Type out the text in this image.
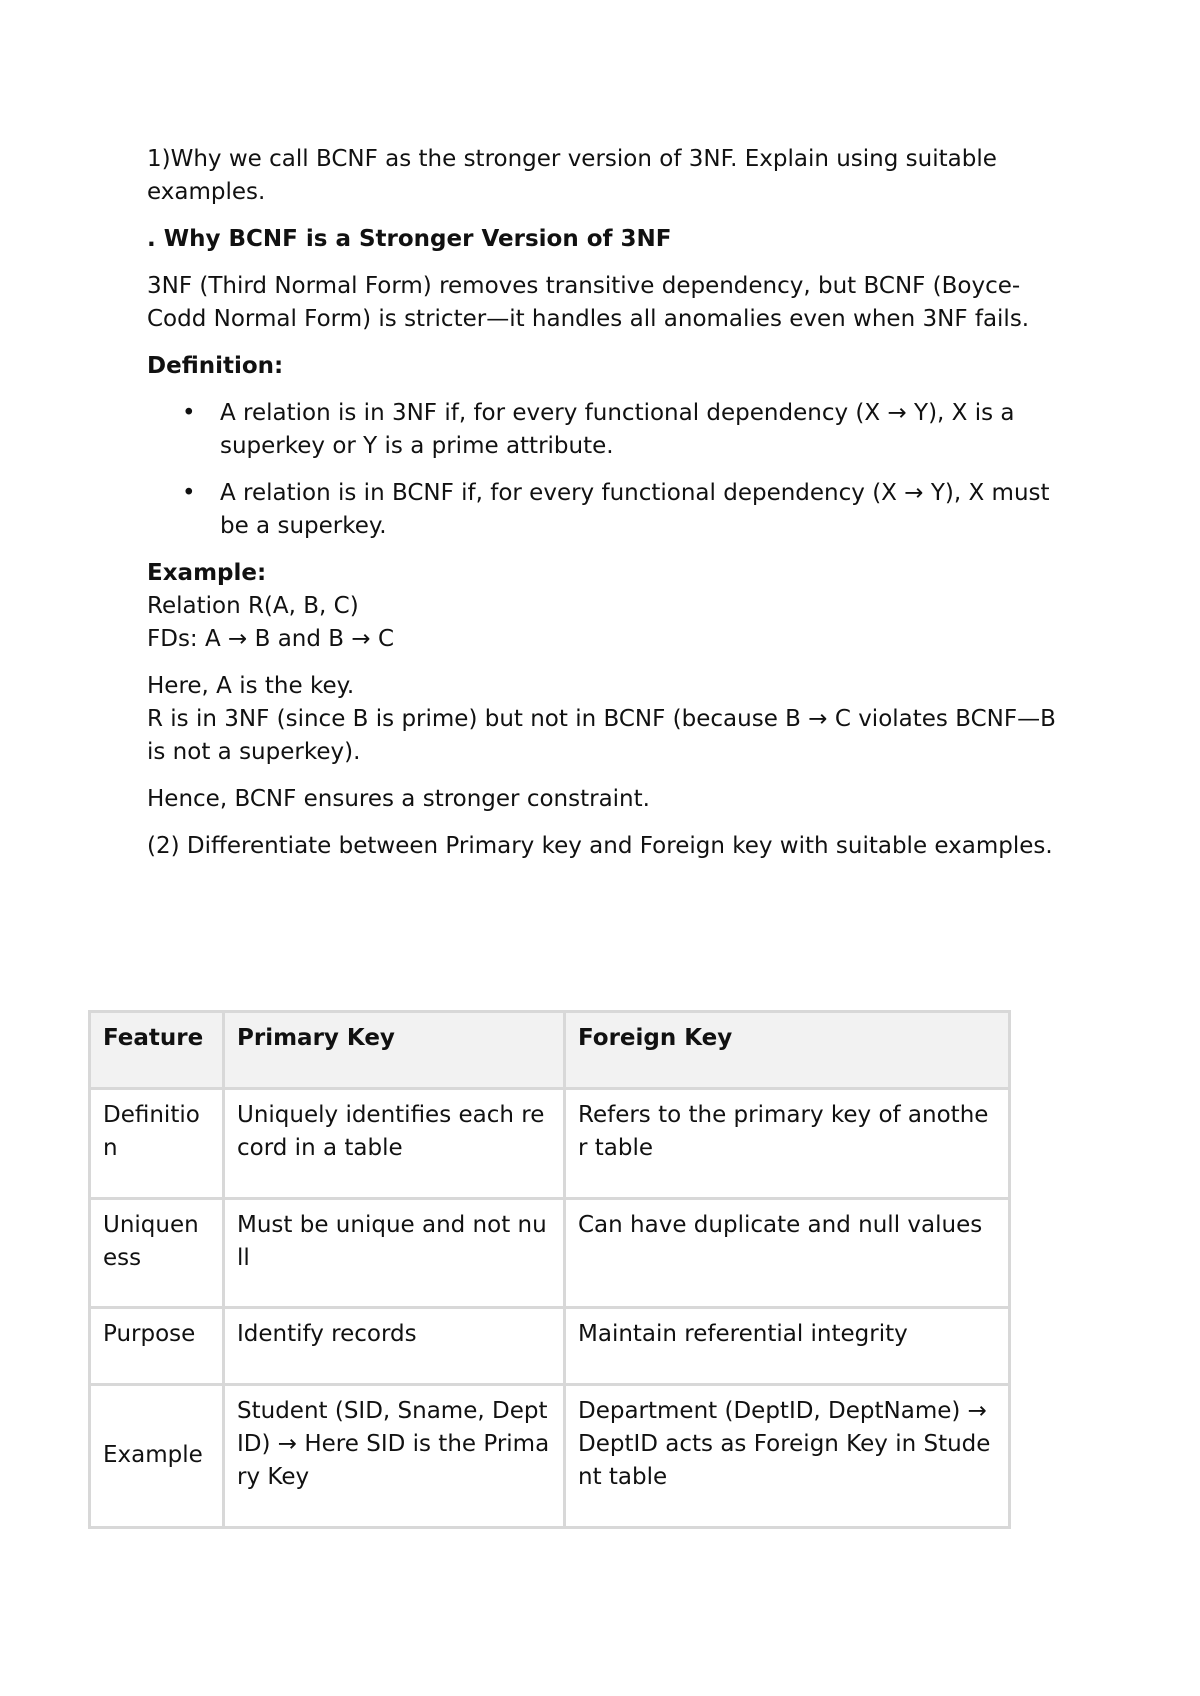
1)Why we call BCNF as the stronger version of 3NF. Explain using suitable examples.

. Why BCNF is a Stronger Version of 3NF

3NF (Third Normal Form) removes transitive dependency, but BCNF (Boyce-Codd Normal Form) is stricter—it handles all anomalies even when 3NF fails.

Definition:

• A relation is in 3NF if, for every functional dependency (X → Y), X is a superkey or Y is a prime attribute.
• A relation is in BCNF if, for every functional dependency (X → Y), X must be a superkey.
Example:
Relation R(A, B, C)
FDs: A → B and B → C
Here, A is the key.
R is in 3NF (since B is prime) but not in BCNF (because B → C violates BCNF—B is not a superkey).

Hence, BCNF ensures a stronger constraint.

(2) Differentiate between Primary key and Foreign key with suitable examples.

Feature	Primary Key	Foreign Key
Definition	Uniquely identifies each record in a table	Refers to the primary key of another table
Uniqueness	Must be unique and not null	Can have duplicate and null values
Purpose	Identify records	Maintain referential integrity
Example	Student (SID, Sname, Dept ID) → Here SID is the Primary Key	Department (DeptID, DeptName) → DeptID acts as Foreign Key in Student table
